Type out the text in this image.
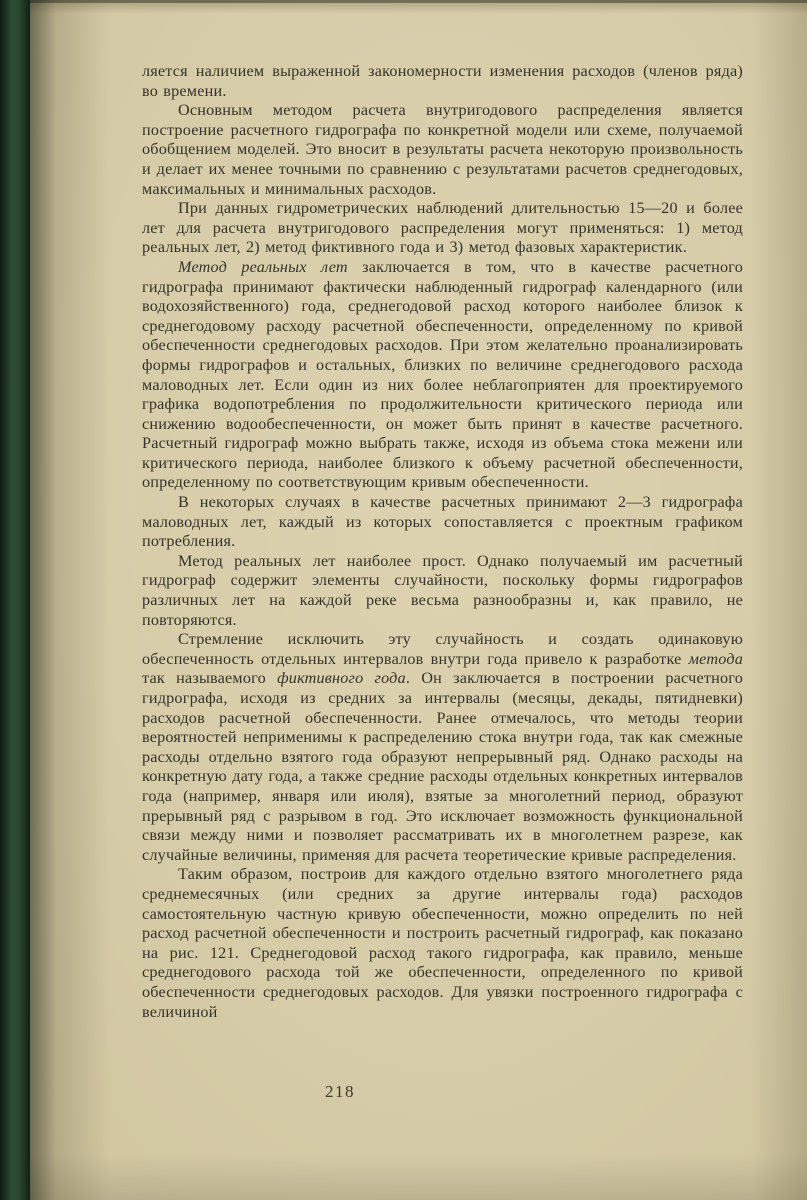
ляется наличием выраженной закономерности изменения расходов (членов ряда) во времени.

Основным методом расчета внутригодового распределения является построение расчетного гидрографа по конкретной модели или схеме, получаемой обобщением моделей. Это вносит в результаты расчета некоторую произвольность и делает их менее точными по сравнению с результатами расчетов среднегодовых, максимальных и минимальных расходов.

При данных гидрометрических наблюдений длительностью 15—20 и более лет для расчета внутригодового распределения могут применяться: 1) метод реальных лет, 2) метод фиктивного года и 3) метод фазовых характеристик.

Метод реальных лет заключается в том, что в качестве расчетного гидрографа принимают фактически наблюденный гидрограф календарного (или водохозяйственного) года, среднегодовой расход которого наиболее близок к среднегодовому расходу расчетной обеспеченности, определенному по кривой обеспеченности среднегодовых расходов. При этом желательно проанализировать формы гидрографов и остальных, близких по величине среднегодового расхода маловодных лет. Если один из них более неблагоприятен для проектируемого графика водопотребления по продолжительности критического периода или снижению водообеспеченности, он может быть принят в качестве расчетного. Расчетный гидрограф можно выбрать также, исходя из объема стока межени или критического периода, наиболее близкого к объему расчетной обеспеченности, определенному по соответствующим кривым обеспеченности.

В некоторых случаях в качестве расчетных принимают 2—3 гидрографа маловодных лет, каждый из которых сопоставляется с проектным графиком потребления.

Метод реальных лет наиболее прост. Однако получаемый им расчетный гидрограф содержит элементы случайности, поскольку формы гидрографов различных лет на каждой реке весьма разнообразны и, как правило, не повторяются.

Стремление исключить эту случайность и создать одинаковую обеспеченность отдельных интервалов внутри года привело к разработке метода так называемого фиктивного года. Он заключается в построении расчетного гидрографа, исходя из средних за интервалы (месяцы, декады, пятидневки) расходов расчетной обеспеченности. Ранее отмечалось, что методы теории вероятностей неприменимы к распределению стока внутри года, так как смежные расходы отдельно взятого года образуют непрерывный ряд. Однако расходы на конкретную дату года, а также средние расходы отдельных конкретных интервалов года (например, января или июля), взятые за многолетний период, образуют прерывный ряд с разрывом в год. Это исключает возможность функциональной связи между ними и позволяет рассматривать их в многолетнем разрезе, как случайные величины, применяя для расчета теоретические кривые распределения.

Таким образом, построив для каждого отдельно взятого многолетнего ряда среднемесячных (или средних за другие интервалы года) расходов самостоятельную частную кривую обеспеченности, можно определить по ней расход расчетной обеспеченности и построить расчетный гидрограф, как показано на рис. 121. Среднегодовой расход такого гидрографа, как правило, меньше среднегодового расхода той же обеспеченности, определенного по кривой обеспеченности среднегодовых расходов. Для увязки построенного гидрографа с величиной

218
